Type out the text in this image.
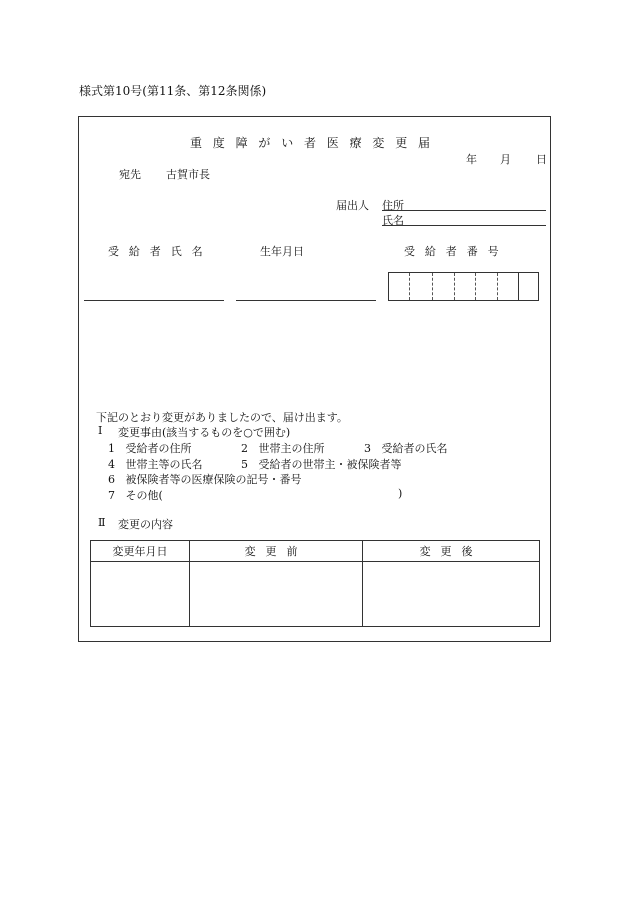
様式第10号(第11条、第12条関係)
重度障がい者医療変更届
年 月 日
宛先 古賀市長
届出人 住所
氏名
受給者氏名	生年月日	受給者番号
下記のとおり変更がありましたので、届け出ます。
Ⅰ 変更事由(該当するものを○で囲む)
1 受給者の住所	2 世帯主の住所	3 受給者の氏名
4 世帯主等の氏名	5 受給者の世帯主・被保険者等
6 被保険者等の医療保険の記号・番号
7 その他(	)
Ⅱ 変更の内容
変更年月日	変更前	変更後
